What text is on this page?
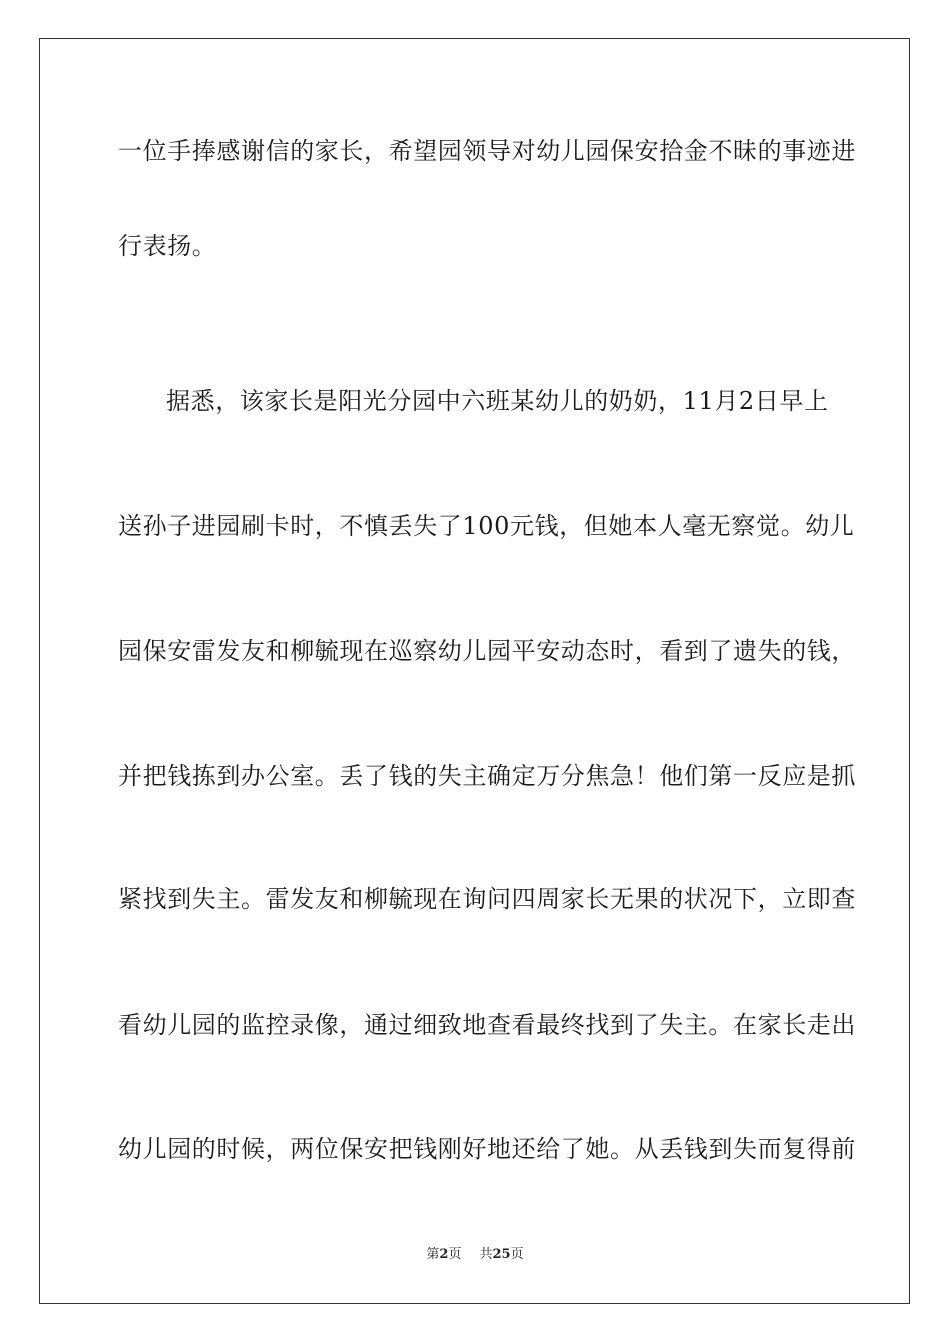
一位手捧感谢信的家长，希望园领导对幼儿园保安拾金不昧的事迹进
行表扬。
据悉，该家长是阳光分园中六班某幼儿的奶奶，11月2日早上
送孙子进园刷卡时，不慎丢失了100元钱，但她本人毫无察觉。幼儿
园保安雷发友和柳毓现在巡察幼儿园平安动态时，看到了遗失的钱，
并把钱拣到办公室。丢了钱的失主确定万分焦急！他们第一反应是抓
紧找到失主。雷发友和柳毓现在询问四周家长无果的状况下，立即查
看幼儿园的监控录像，通过细致地查看最终找到了失主。在家长走出
幼儿园的时候，两位保安把钱刚好地还给了她。从丢钱到失而复得前
第2页 共25页
